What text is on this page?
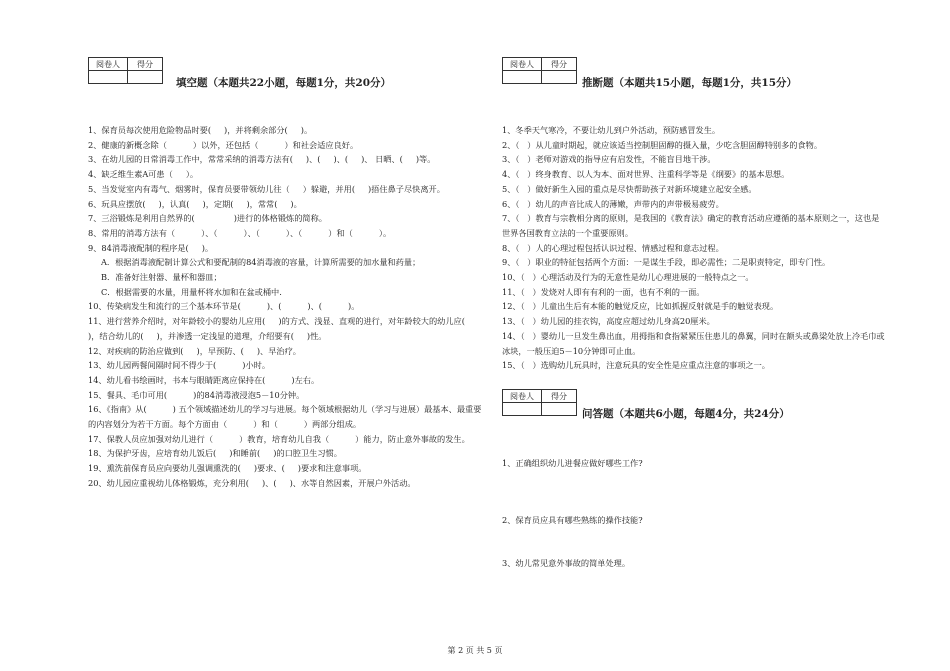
阅卷人	得分

填空题（本题共22小题，每题1分，共20分）
1、保育员每次使用危险物品时要(     )，并将剩余部分(     )。
2、健康的新概念除（          ）以外，还包括（          ）和社会适应良好。
3、在幼儿园的日常消毒工作中，常常采纳的消毒方法有(     )、(     )、(     )、 日晒、(     )等。
4、缺乏维生素A可患（     ）。
5、当发觉室内有毒气、烟雾时，保育员要带领幼儿往（     ）躲避，并用(     )捂住鼻子尽快离开。
6、玩具应摆放(     )，认真(     )，定期(     )，常常(     )。
7、三浴锻炼是利用自然界的(               )进行的体格锻炼的简称。
8、常用的消毒方法有（          ）、（          ）、（          ）、（          ）和（          ）。
9、84消毒液配制的程序是(     )。
A．根据消毒液配制计算公式和要配制的84消毒液的容量，计算所需要的加水量和药量；
B．准备好注射器、量杯和器皿；
C．根据需要的水量，用量杯将水加和在盆或桶中.
10、传染病发生和流行的三个基本环节是(          )、(          )、(          )。
11、进行营养介绍时，对年龄较小的婴幼儿应用(     )的方式、浅显、直观的进行，对年龄较大的幼儿应(     )，结合幼儿的(     )，并渗透一定浅显的道理，介绍要有(     )性。
12、对疾病的防治应做到(     )，早预防、(     )、早治疗。
13、幼儿园两餐间隔时间不得少于(          )小时。
14、幼儿看书绘画时，书本与眼睛距离应保持在(          )左右。
15、餐具、毛巾可用(          )的84消毒液浸泡5－10分钟。
16、《指南》从(          ) 五个领域描述幼儿的学习与进展。每个领域根据幼儿（学习与进展）最基本、最重要的内容划分为若干方面。每个方面由（          ）和（          ）两部分组成。
17、保教人员应加强对幼儿进行（          ）教育，培育幼儿自我（          ）能力，防止意外事故的发生。
18、为保护牙齿，应培育幼儿饭后(     )和睡前(     )的口腔卫生习惯。
19、熏洗前保育员应向要幼儿强调熏洗的(     )要求、(     )要求和注意事项。
20、幼儿园应重视幼儿体格锻炼，充分利用(     )、(     )、水等自然因素，开展户外活动。
阅卷人	得分

推断题（本题共15小题，每题1分，共15分）
1、冬季天气寒冷，不要让幼儿到户外活动，预防感冒发生。
2、（   ）从儿童时期起，就应该适当控制胆固醇的摄入量，少吃含胆固醇特别多的食物。
3、（   ）老师对游戏的指导应有启发性，不能盲目地干涉。
4、（   ）终身教育、以人为本、面对世界、注重科学等是《纲要》的基本思想。
5、（   ）做好新生入园的重点是尽快帮助孩子对新环境建立起安全感。
6、（   ）幼儿的声音比成人的薄嫩，声带内的声带极易疲劳。
7、（   ）教育与宗教相分离的原则，是我国的《教育法》确定的教育活动应遵循的基本原则之一，这也是世界各国教育立法的一个重要原则。
8、（   ）人的心理过程包括认识过程、情感过程和意志过程。
9、（   ）职业的特征包括两个方面：一是谋生手段，即必需性；二是职责特定，即专门性。
10、（   ）心理活动及行为的无意性是幼儿心理进展的一般特点之一。
11、（   ）发烧对人即有有利的一面，也有不利的一面。
12、（   ）儿童出生后有本能的触觉反应，比如抓握反射就是手的触觉表现。
13、（   ）幼儿园的挂衣钩，高度应超过幼儿身高20厘米。
14、（   ）婴幼儿一旦发生鼻出血，用拇指和食指紧紧压住患儿的鼻翼，同时在额头或鼻梁处放上冷毛巾或冰块，一般压迫5－10分钟即可止血。
15、（   ）选购幼儿玩具时，注意玩具的安全性是应重点注意的事项之一。
阅卷人	得分

问答题（本题共6小题，每题4分，共24分）
1、正确组织幼儿进餐应做好哪些工作?
2、保育员应具有哪些熟练的操作技能?
3、幼儿常见意外事故的简单处理。
第 2 页 共 5 页
